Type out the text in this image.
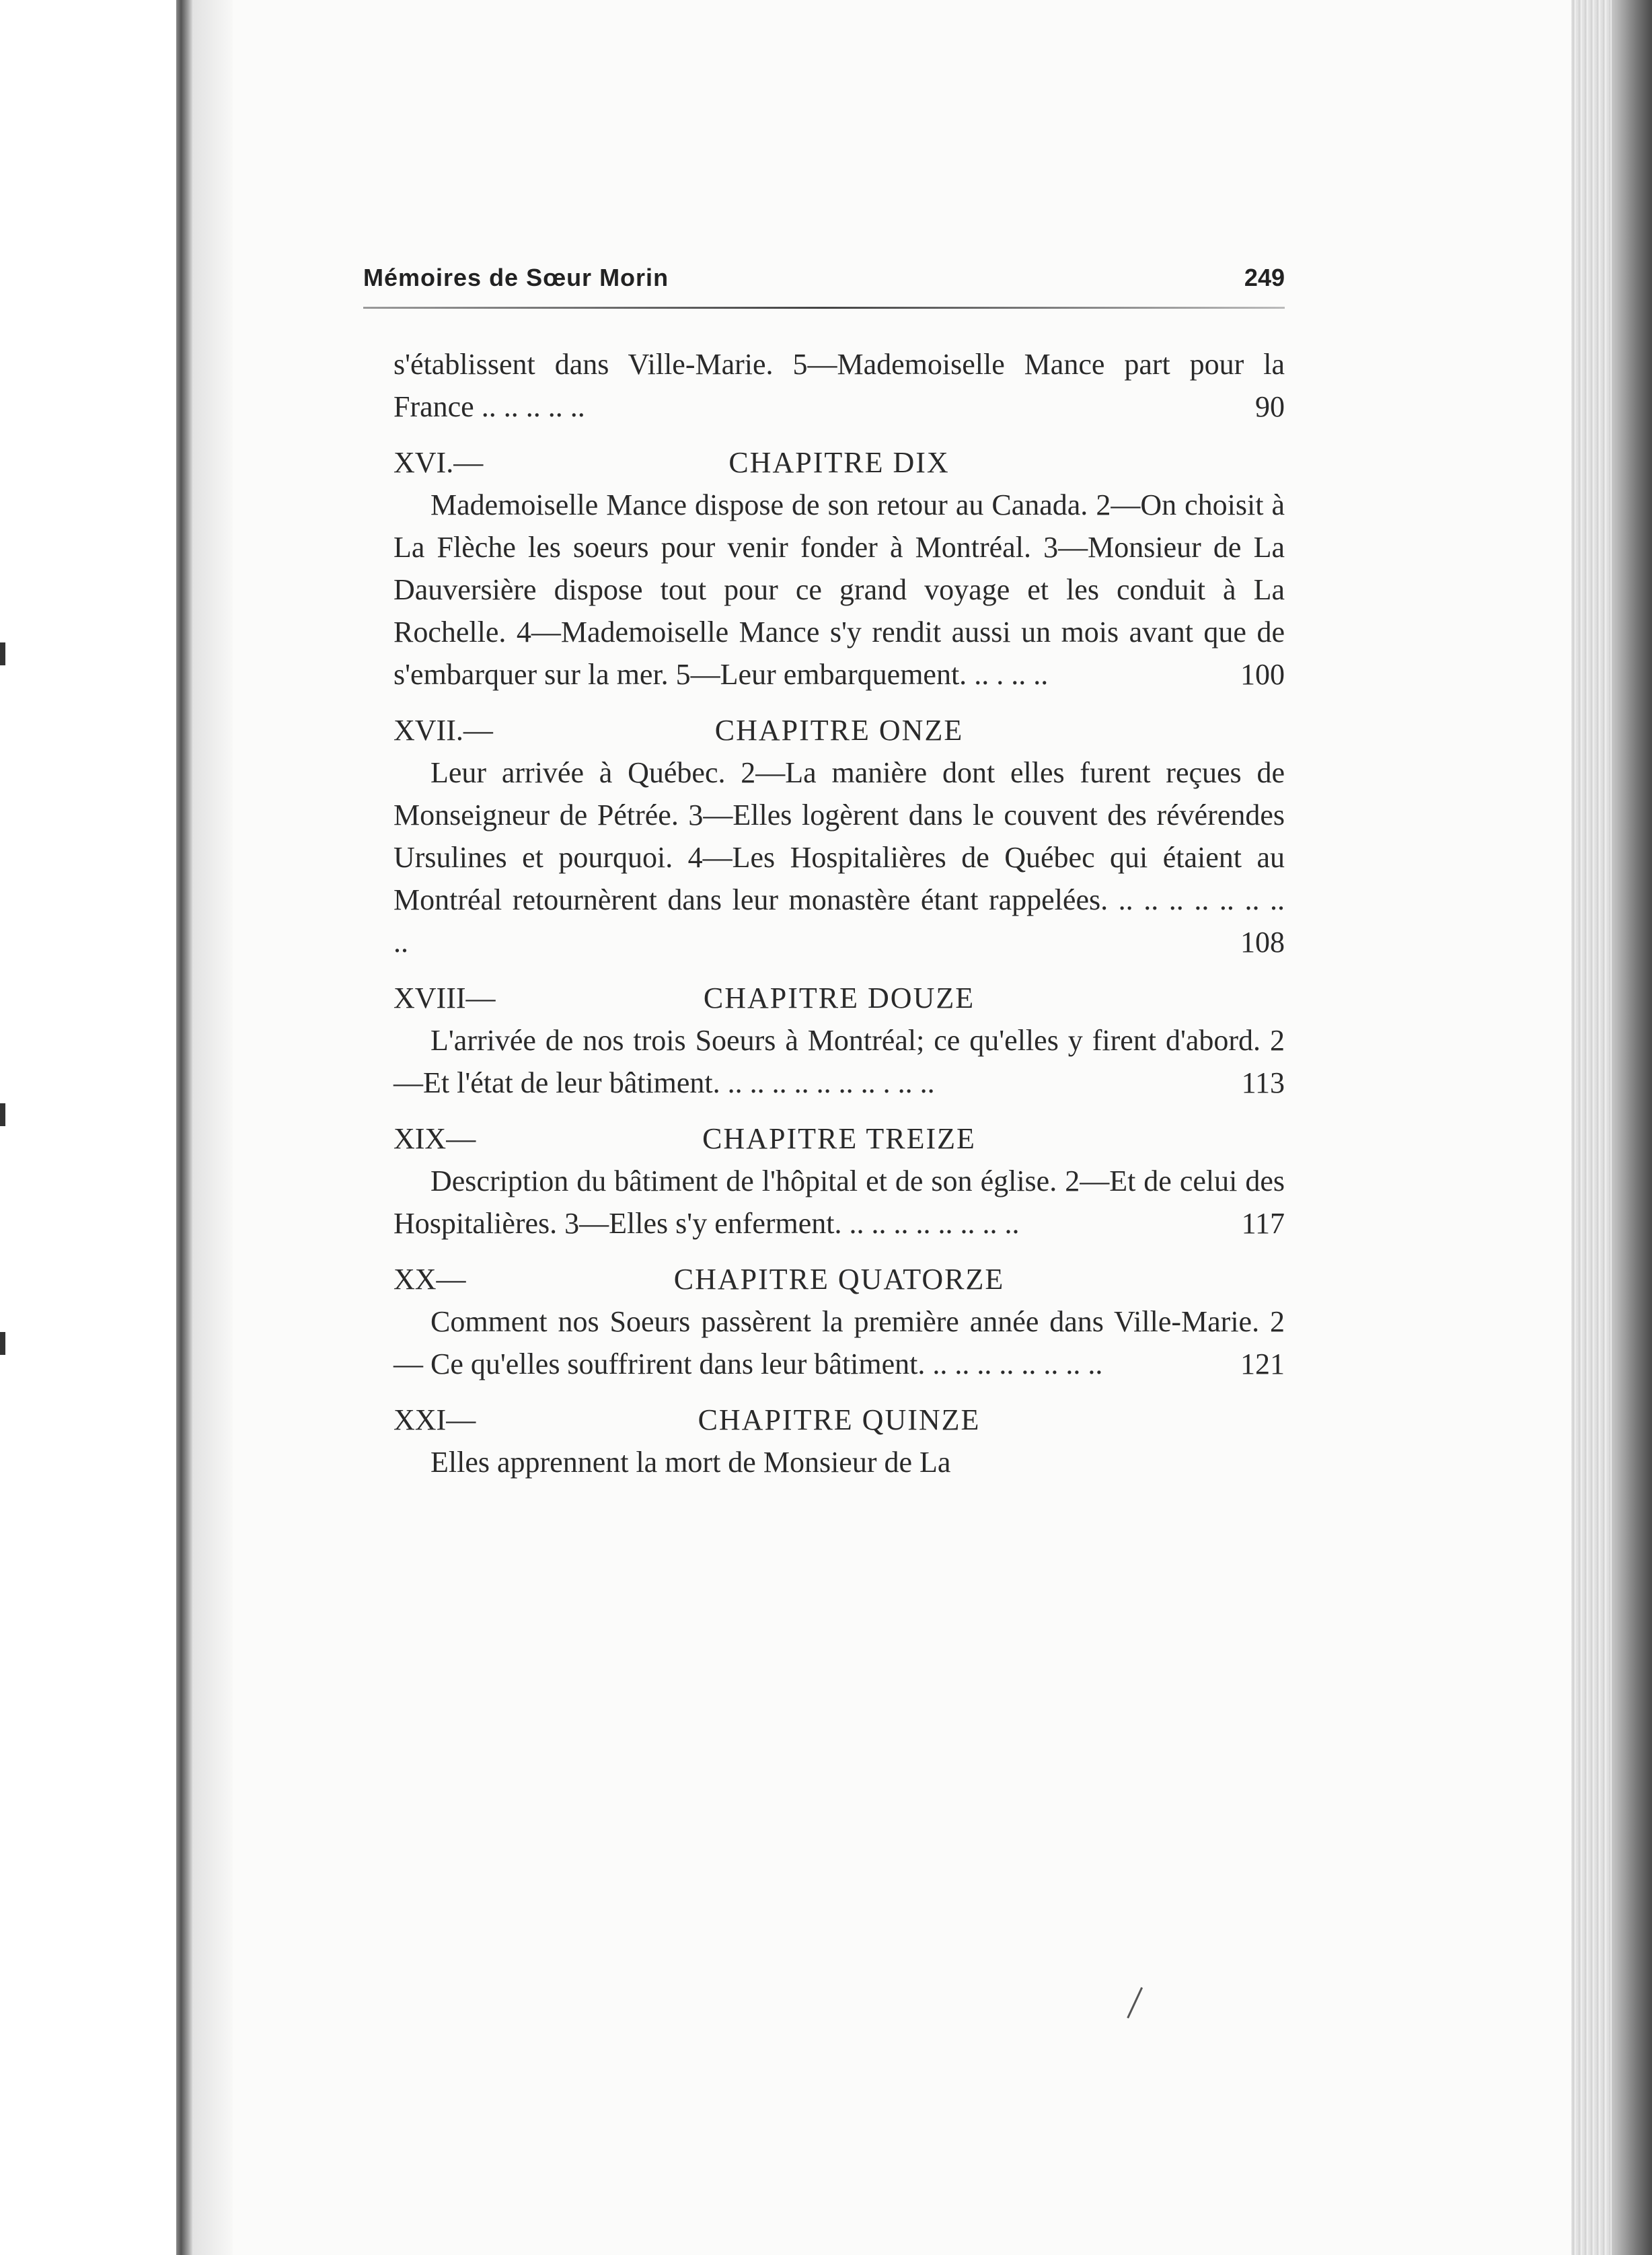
Mémoires de Sœur Morin	249
s'établissent dans Ville-Marie. 5—Mademoiselle Mance part pour la France .. .. .. .. ..	90
XVI.—	CHAPITRE DIX
Mademoiselle Mance dispose de son retour au Canada. 2—On choisit à La Flèche les soeurs pour venir fonder à Montréal. 3—Monsieur de La Dauversière dispose tout pour ce grand voyage et les conduit à La Rochelle. 4—Mademoiselle Mance s'y rendit aussi un mois avant que de s'embarquer sur la mer. 5—Leur embarquement. .. . .. ..	100
XVII.—	CHAPITRE ONZE
Leur arrivée à Québec. 2—La manière dont elles furent reçues de Monseigneur de Pétrée. 3—Elles logèrent dans le couvent des révérendes Ursulines et pourquoi. 4—Les Hospitalières de Québec qui étaient au Montréal retournèrent dans leur monastère étant rappelées. .. .. .. .. .. .. .. ..	108
XVIII—	CHAPITRE DOUZE
L'arrivée de nos trois Soeurs à Montréal; ce qu'elles y firent d'abord. 2—Et l'état de leur bâtiment. .. .. .. .. .. .. .. . .. ..	113
XIX—	CHAPITRE TREIZE
Description du bâtiment de l'hôpital et de son église. 2—Et de celui des Hospitalières. 3—Elles s'y enferment. .. .. .. .. .. .. .. ..	117
XX—	CHAPITRE QUATORZE
Comment nos Soeurs passèrent la première année dans Ville-Marie. 2 — Ce qu'elles souffrirent dans leur bâtiment. .. .. .. .. .. .. .. ..	121
XXI—	CHAPITRE QUINZE
Elles apprennent la mort de Monsieur de La
